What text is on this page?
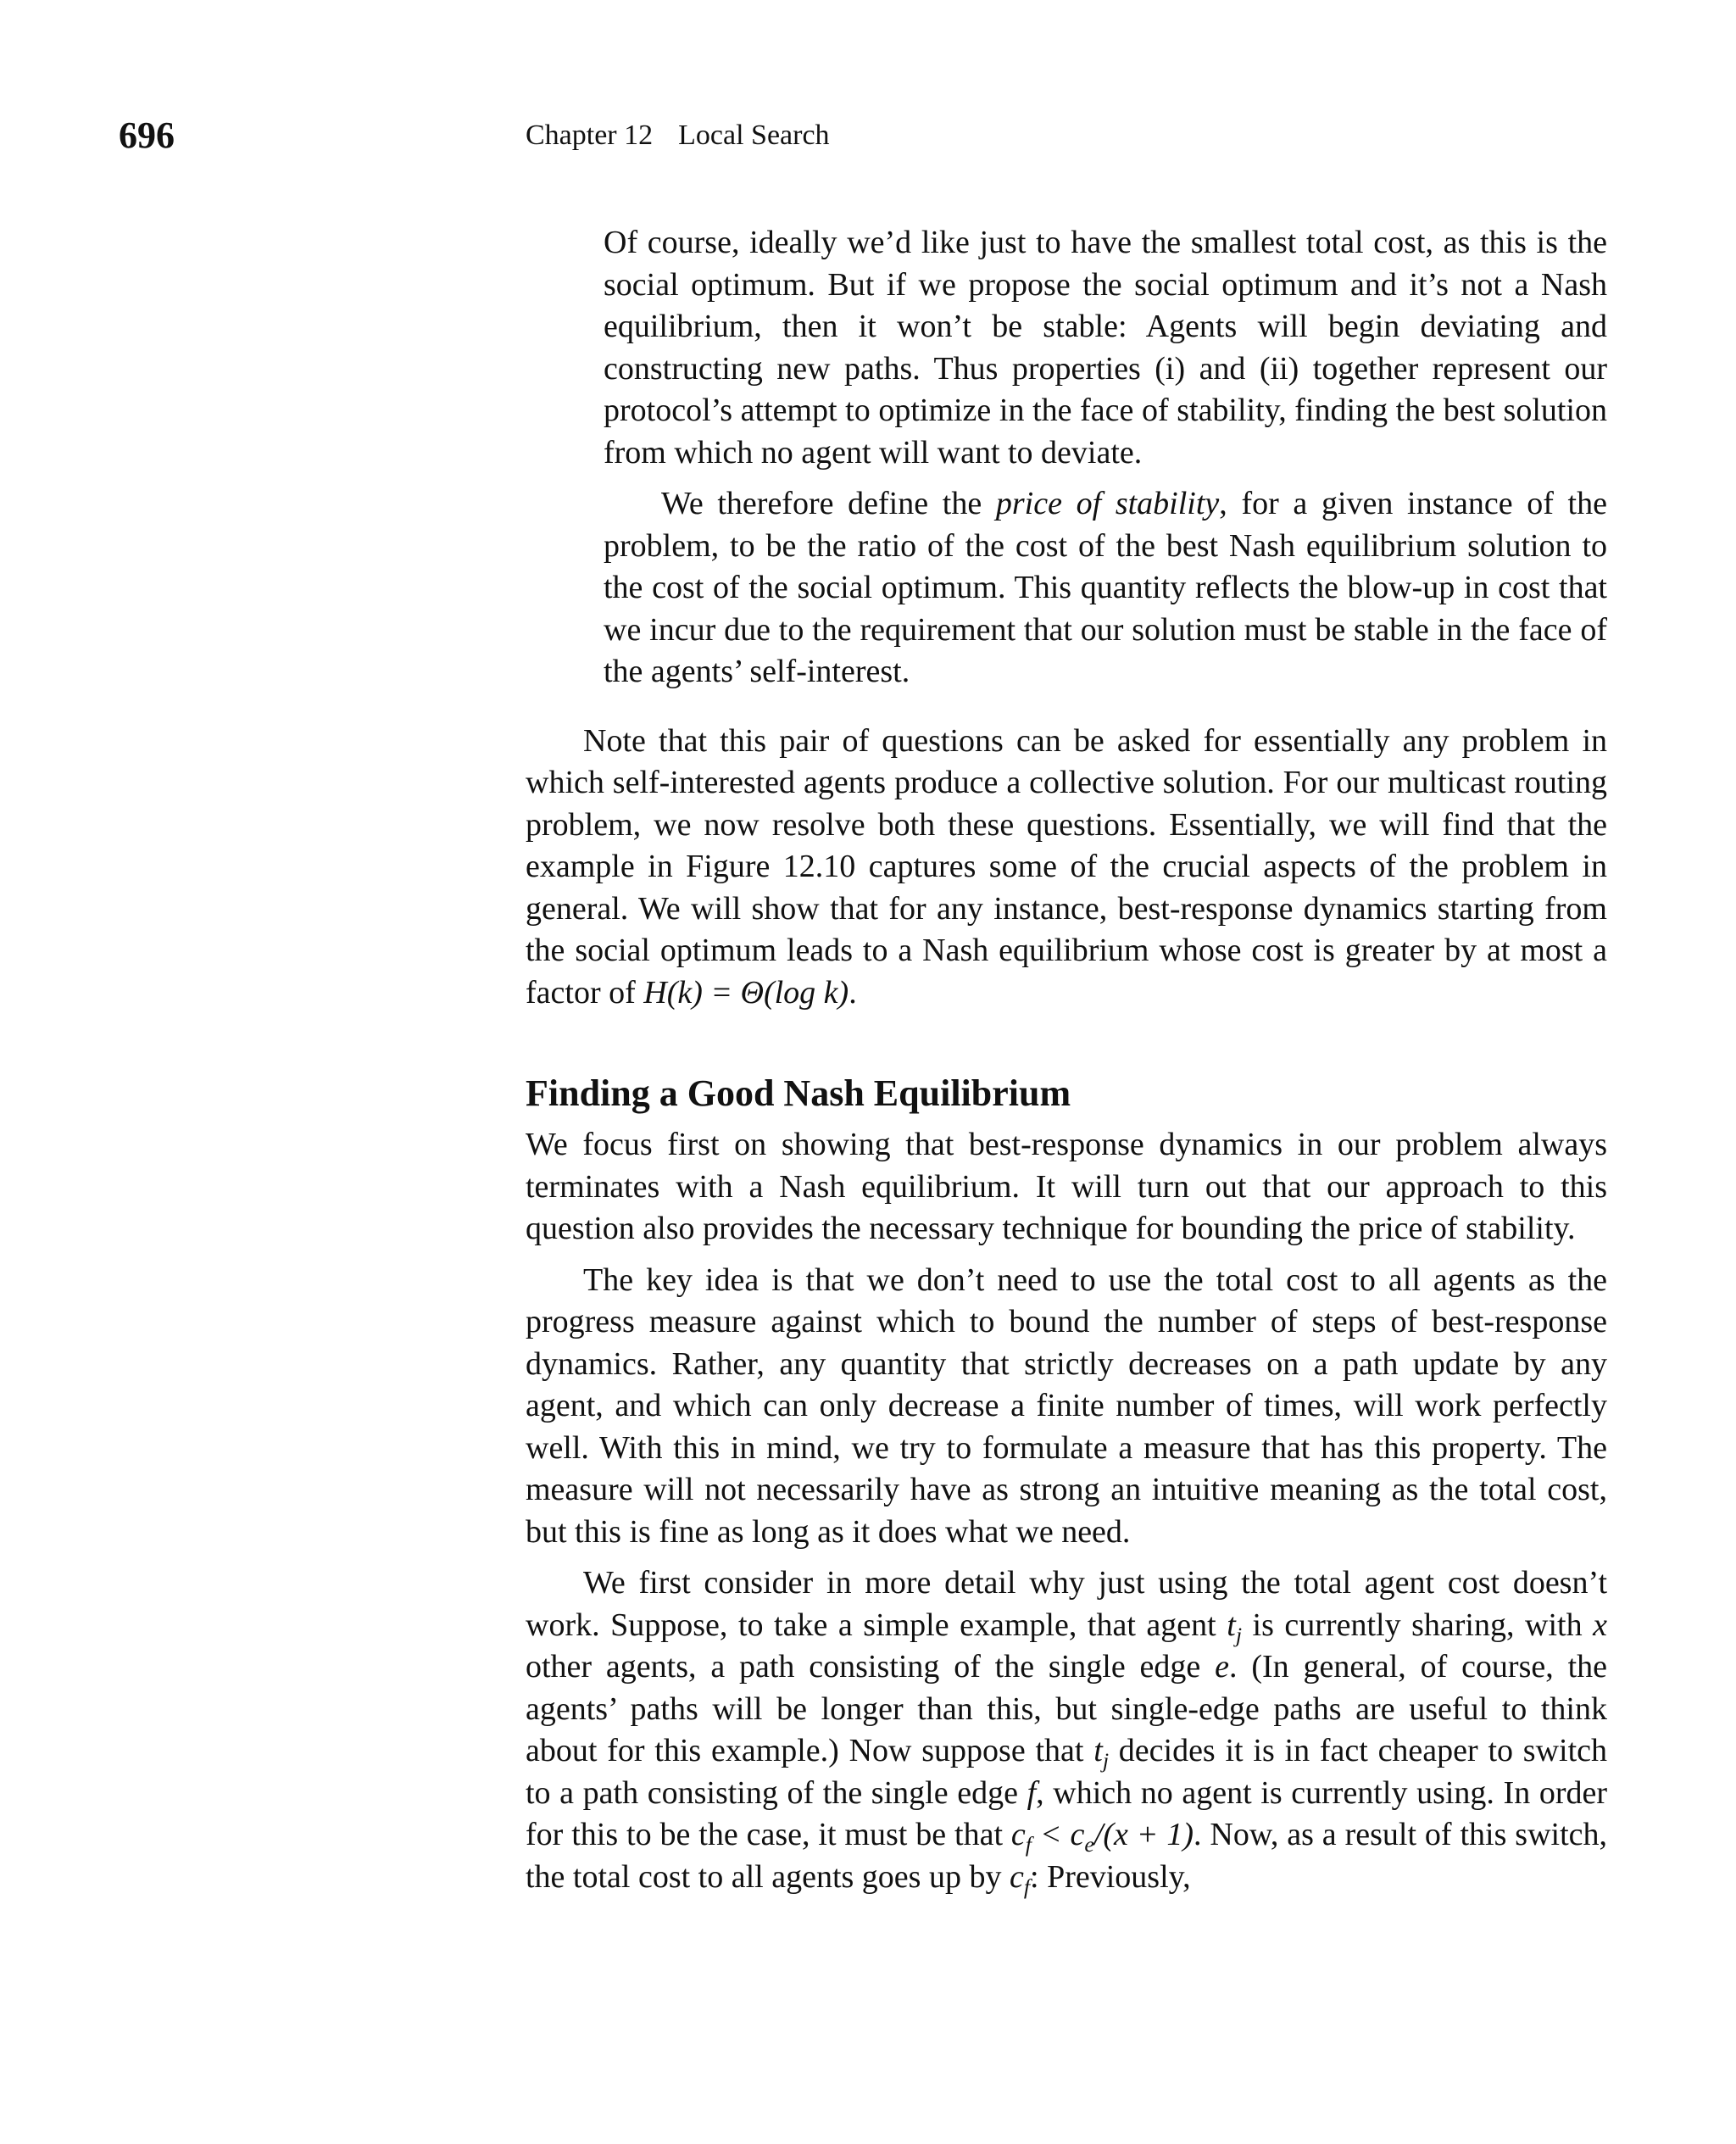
696	Chapter 12 Local Search

Of course, ideally we’d like just to have the smallest total cost, as this is the social optimum. But if we propose the social optimum and it’s not a Nash equilibrium, then it won’t be stable: Agents will begin deviating and constructing new paths. Thus properties (i) and (ii) together represent our protocol’s attempt to optimize in the face of stability, finding the best solution from which no agent will want to deviate.

We therefore define the price of stability, for a given instance of the problem, to be the ratio of the cost of the best Nash equilibrium solution to the cost of the social optimum. This quantity reflects the blow-up in cost that we incur due to the requirement that our solution must be stable in the face of the agents’ self-interest.

Note that this pair of questions can be asked for essentially any problem in which self-interested agents produce a collective solution. For our multicast routing problem, we now resolve both these questions. Essentially, we will find that the example in Figure 12.10 captures some of the crucial aspects of the problem in general. We will show that for any instance, best-response dynamics starting from the social optimum leads to a Nash equilibrium whose cost is greater by at most a factor of H(k) = Θ(log k).

Finding a Good Nash Equilibrium

We focus first on showing that best-response dynamics in our problem always terminates with a Nash equilibrium. It will turn out that our approach to this question also provides the necessary technique for bounding the price of stability.

The key idea is that we don’t need to use the total cost to all agents as the progress measure against which to bound the number of steps of best-response dynamics. Rather, any quantity that strictly decreases on a path update by any agent, and which can only decrease a finite number of times, will work perfectly well. With this in mind, we try to formulate a measure that has this property. The measure will not necessarily have as strong an intuitive meaning as the total cost, but this is fine as long as it does what we need.

We first consider in more detail why just using the total agent cost doesn’t work. Suppose, to take a simple example, that agent $t_j$ is currently sharing, with x other agents, a path consisting of the single edge e. (In general, of course, the agents’ paths will be longer than this, but single-edge paths are useful to think about for this example.) Now suppose that $t_j$ decides it is in fact cheaper to switch to a path consisting of the single edge f, which no agent is currently using. In order for this to be the case, it must be that $c_f < c_e/(x + 1)$. Now, as a result of this switch, the total cost to all agents goes up by $c_f$: Previously,
